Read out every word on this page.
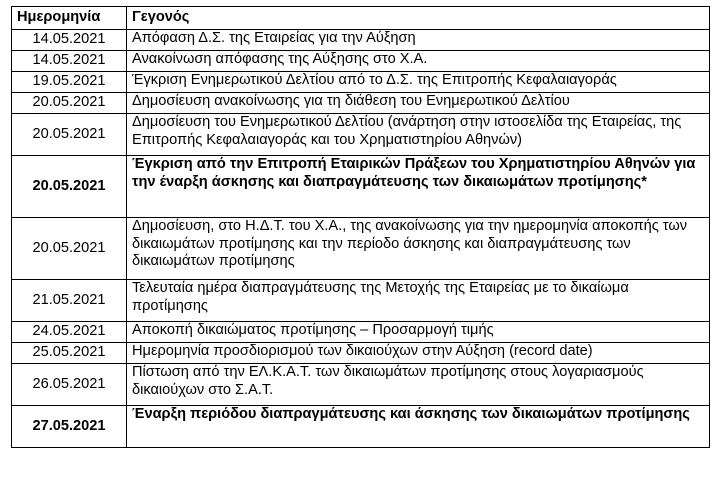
Ημερομηνία	Γεγονός
14.05.2021	Απόφαση Δ.Σ. της Εταιρείας για την Αύξηση
14.05.2021	Ανακοίνωση απόφασης της Αύξησης στο Χ.Α.
19.05.2021	Έγκριση Ενημερωτικού Δελτίου από το Δ.Σ. της Επιτροπής Κεφαλαιαγοράς
20.05.2021	Δημοσίευση ανακοίνωσης για τη διάθεση του Ενημερωτικού Δελτίου
20.05.2021	Δημοσίευση του Ενημερωτικού Δελτίου (ανάρτηση στην ιστοσελίδα της Εταιρείας, της Επιτροπής Κεφαλαιαγοράς και του Χρηματιστηρίου Αθηνών)
20.05.2021	Έγκριση από την Επιτροπή Εταιρικών Πράξεων του Χρηματιστηρίου Αθηνών για την έναρξη άσκησης και διαπραγμάτευσης των δικαιωμάτων προτίμησης*
20.05.2021	Δημοσίευση, στο Η.Δ.Τ. του Χ.Α., της ανακοίνωσης για την ημερομηνία αποκοπής των δικαιωμάτων προτίμησης και την περίοδο άσκησης και διαπραγμάτευσης των δικαιωμάτων προτίμησης
21.05.2021	Τελευταία ημέρα διαπραγμάτευσης της Μετοχής της Εταιρείας με το δικαίωμα προτίμησης
24.05.2021	Αποκοπή δικαιώματος προτίμησης – Προσαρμογή τιμής
25.05.2021	Ημερομηνία προσδιορισμού των δικαιούχων στην Αύξηση (record date)
26.05.2021	Πίστωση από την ΕΛ.Κ.Α.Τ. των δικαιωμάτων προτίμησης στους λογαριασμούς δικαιούχων στο Σ.Α.Τ.
27.05.2021	Έναρξη περιόδου διαπραγμάτευσης και άσκησης των δικαιωμάτων προτίμησης
